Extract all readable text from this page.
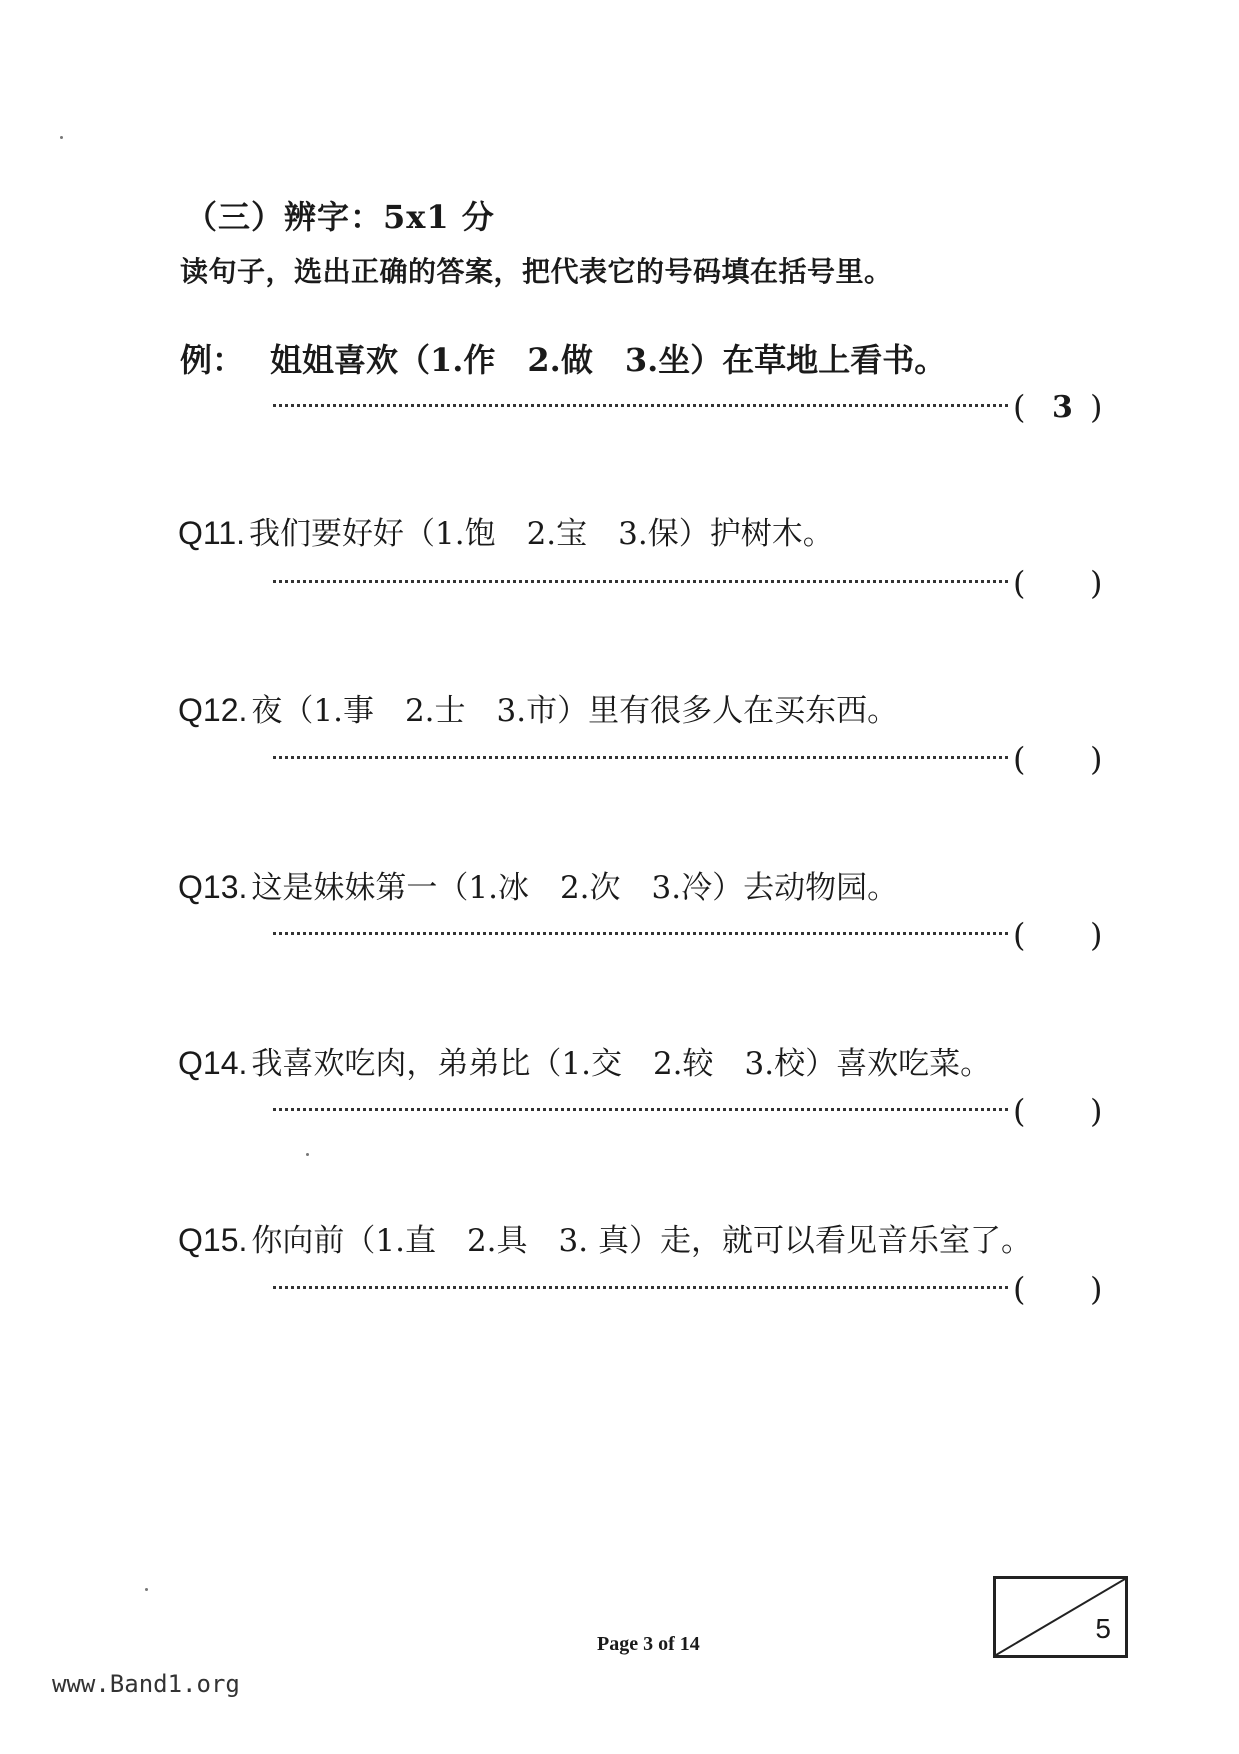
（三）辨字：5x1 分
读句子，选出正确的答案，把代表它的号码填在括号里。
例： 姐姐喜欢（1.作　2.做　3.坐）在草地上看书。
( 3 )
Q11. 我们要好好（1.饱　2.宝　3.保）护树木。
( )
Q12. 夜（1.事　2.士　3.市）里有很多人在买东西。
( )
Q13. 这是妹妹第一（1.冰　2.次　3.冷）去动物园。
( )
Q14. 我喜欢吃肉，弟弟比（1.交　2.较　3.校）喜欢吃菜。
( )
Q15. 你向前（1.直　2.具　3. 真）走，就可以看见音乐室了。
( )
Page 3 of 14	5
www.Band1.org
